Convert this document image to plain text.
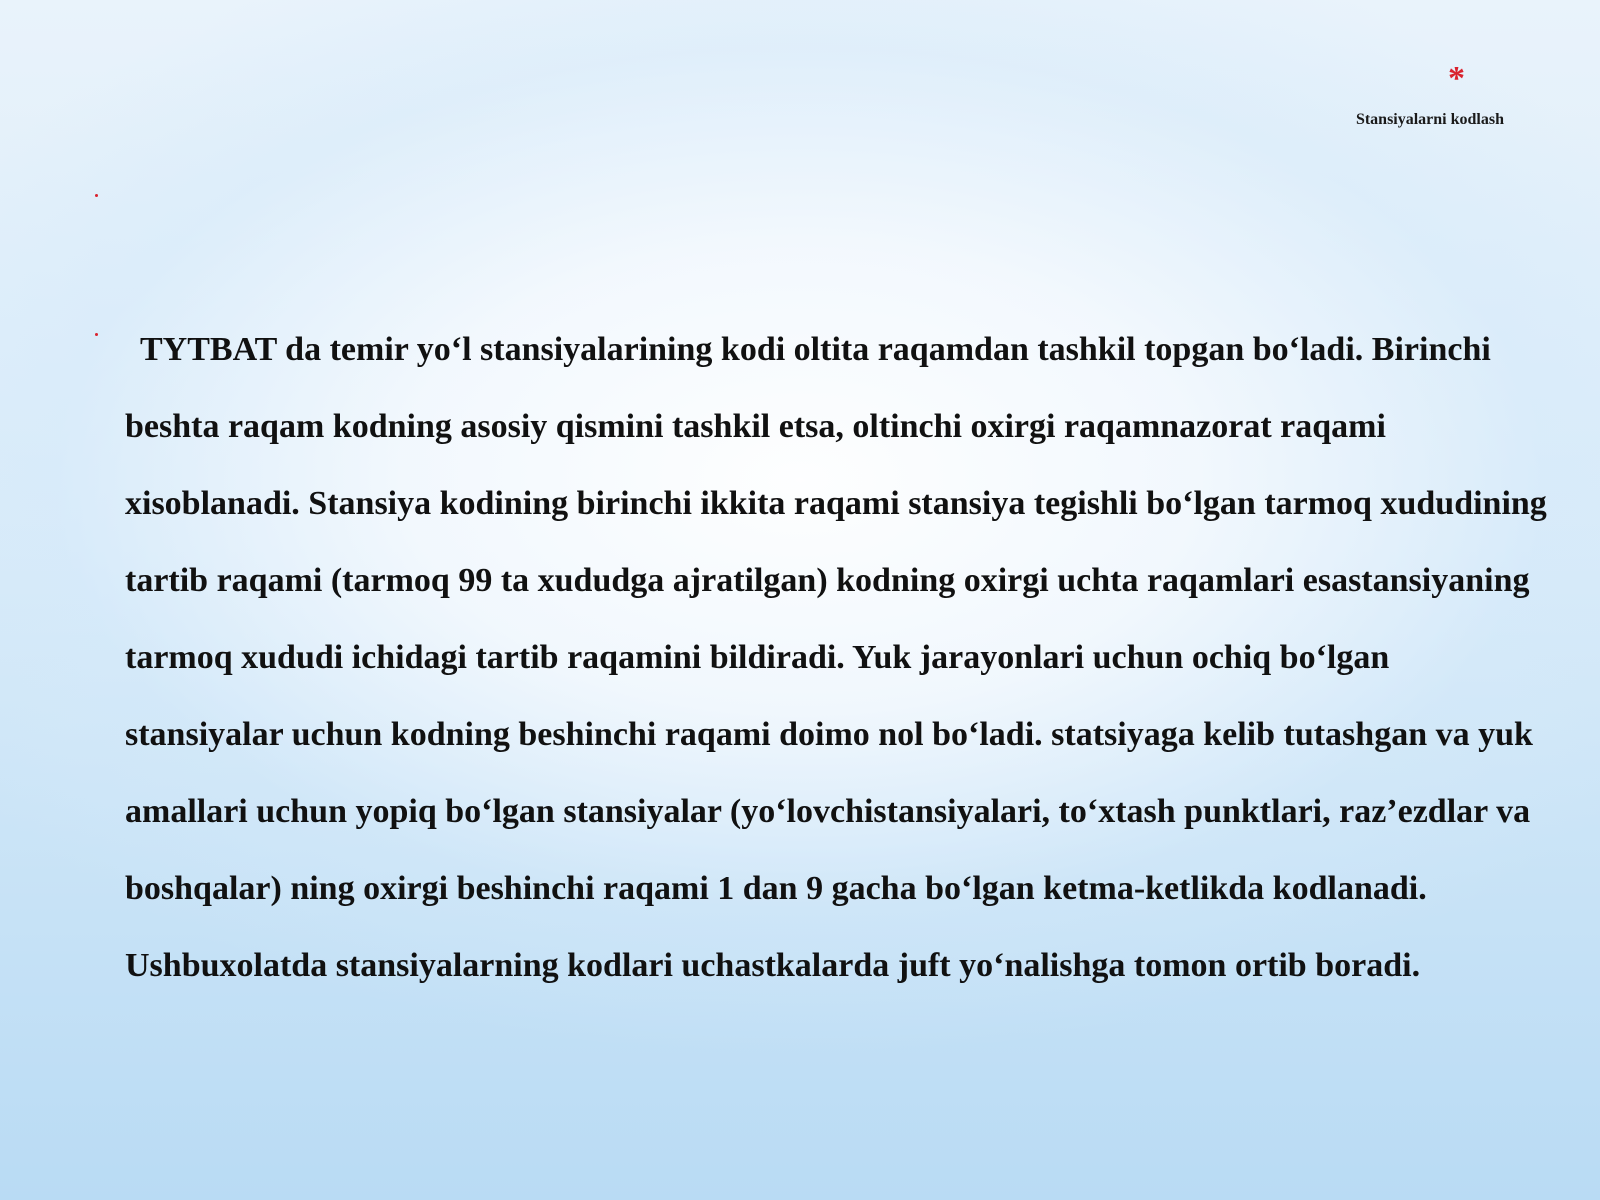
*
Stansiyalarni kodlash

TYTBAT da temir yo‘l stansiyalarining kodi oltita raqamdan tashkil topgan bo‘ladi. Birinchi beshta raqam kodning asosiy qismini tashkil etsa, oltinchi oxirgi raqamnazorat raqami xisoblanadi. Stansiya kodining birinchi ikkita raqami stansiya tegishli bo‘lgan tarmoq xududining tartib raqami (tarmoq 99 ta xududga ajratilgan) kodning oxirgi uchta raqamlari esastansiyaning tarmoq xududi ichidagi tartib raqamini bildiradi. Yuk jarayonlari uchun ochiq bo‘lgan stansiyalar uchun kodning beshinchi raqami doimo nol bo‘ladi. statsiyaga kelib tutashgan va yuk amallari uchun yopiq bo‘lgan stansiyalar (yo‘lovchistansiyalari, to‘xtash punktlari, raz’ezdlar va boshqalar) ning oxirgi beshinchi raqami 1 dan 9 gacha bo‘lgan ketma-ketlikda kodlanadi. Ushbuxolatda stansiyalarning kodlari uchastkalarda juft yo‘nalishga tomon ortib boradi.
